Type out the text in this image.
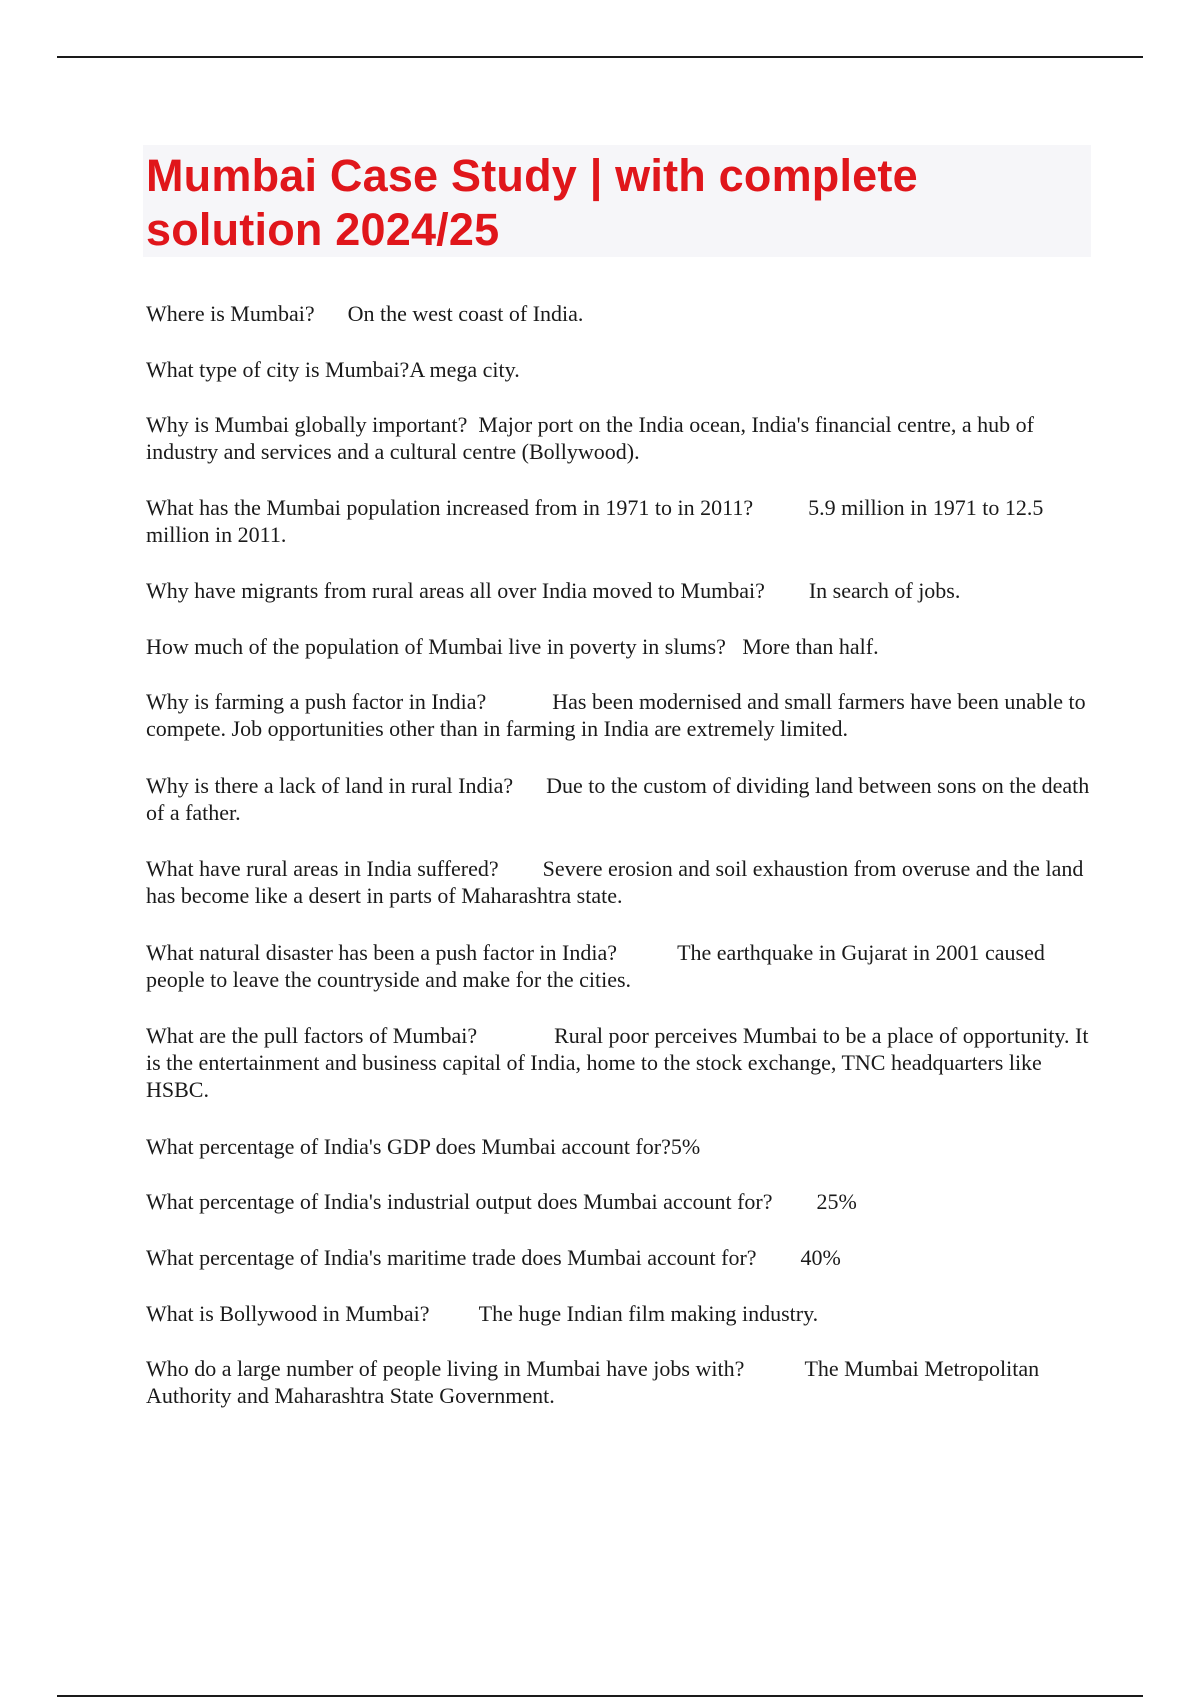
Mumbai Case Study | with complete solution 2024/25
Where is Mumbai? On the west coast of India.
What type of city is Mumbai?A mega city.
Why is Mumbai globally important? Major port on the India ocean, India's financial centre, a hub of industry and services and a cultural centre (Bollywood).
What has the Mumbai population increased from in 1971 to in 2011?	5.9 million in 1971 to 12.5 million in 2011.
Why have migrants from rural areas all over India moved to Mumbai? In search of jobs.
How much of the population of Mumbai live in poverty in slums? More than half.
Why is farming a push factor in India?	Has been modernised and small farmers have been unable to compete. Job opportunities other than in farming in India are extremely limited.
Why is there a lack of land in rural India? Due to the custom of dividing land between sons on the death of a father.
What have rural areas in India suffered? Severe erosion and soil exhaustion from overuse and the land has become like a desert in parts of Maharashtra state.
What natural disaster has been a push factor in India?	The earthquake in Gujarat in 2001 caused people to leave the countryside and make for the cities.
What are the pull factors of Mumbai?	Rural poor perceives Mumbai to be a place of opportunity. It is the entertainment and business capital of India, home to the stock exchange, TNC headquarters like HSBC.
What percentage of India's GDP does Mumbai account for?5%
What percentage of India's industrial output does Mumbai account for? 25%
What percentage of India's maritime trade does Mumbai account for? 40%
What is Bollywood in Mumbai? The huge Indian film making industry.
Who do a large number of people living in Mumbai have jobs with?	The Mumbai Metropolitan Authority and Maharashtra State Government.
